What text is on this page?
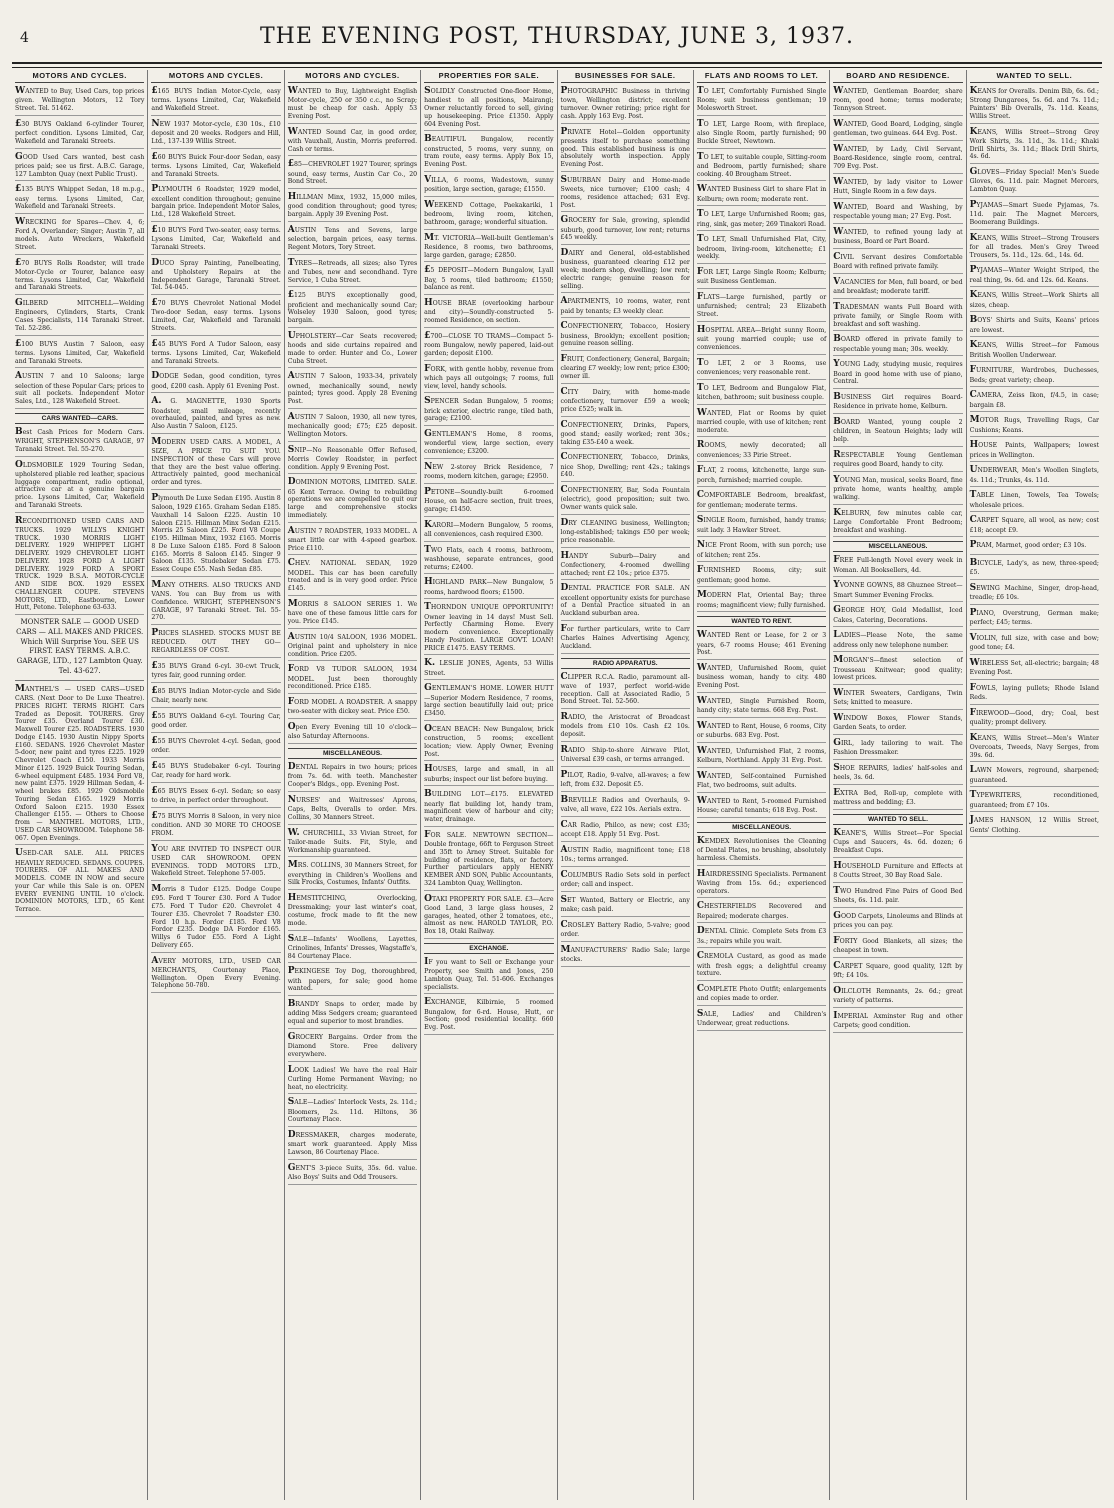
4	THE EVENING POST, THURSDAY, JUNE 3, 1937.
MOTORS AND CYCLES.

WANTED to Buy, Used Cars, top prices given. Wellington Motors, 12 Tory Street. Tel. 51462.

£30 BUYS Oakland 6-cylinder Tourer, perfect condition. Lysons Limited, Car, Wakefield and Taranaki Streets.

GOOD Used Cars wanted, best cash prices paid; see us first. A.B.C. Garage, 127 Lambton Quay (next Public Trust).

£135 BUYS Whippet Sedan, 18 m.p.g., easy terms. Lysons Limited, Car, Wakefield and Taranaki Streets.

WRECKING for Spares—Chev. 4, 6; Ford A, Overlander; Singer; Austin 7, all models. Auto Wreckers, Wakefield Street.

£70 BUYS Rolls Roadster, will trade Motor-Cycle or Tourer, balance easy terms. Lysons Limited, Car, Wakefield and Taranaki Streets.

GILBERD MITCHELL—Welding Engineers, Cylinders, Starts, Crank Cases Specialists, 114 Taranaki Street. Tel. 52-286.

£100 BUYS Austin 7 Saloon, easy terms. Lysons Limited, Car, Wakefield and Taranaki Streets.

AUSTIN 7 and 10 Saloons; large selection of these Popular Cars; prices to suit all pockets. Independent Motor Sales, Ltd., 128 Wakefield Street.

CARS WANTED—CARS.

Best Cash Prices for Modern Cars. WRIGHT, STEPHENSON'S GARAGE, 97 Taranaki Street. Tel. 55-270.

OLDSMOBILE 1929 Touring Sedan, upholstered pliable red leather, spacious luggage compartment, radio optional, attractive car at a genuine bargain price. Lysons Limited, Car, Wakefield and Taranaki Streets.

RECONDITIONED USED CARS AND TRUCKS. 1929 WILLYS KNIGHT TRUCK. 1930 MORRIS LIGHT DELIVERY. 1929 WHIPPET LIGHT DELIVERY. 1929 CHEVROLET LIGHT DELIVERY. 1928 FORD A LIGHT DELIVERY. 1929 FORD A SPORT TRUCK. 1929 B.S.A. MOTOR-CYCLE AND SIDE BOX. 1929 ESSEX CHALLENGER COUPE. STEVENS MOTORS, LTD., Eastbourne, Lower Hutt, Petone. Telephone 63-633.

MONSTER SALE — GOOD USED CARS — ALL MAKES AND PRICES. Which Will Surprise You. SEE US FIRST. EASY TERMS. A.B.C. GARAGE, LTD., 127 Lambton Quay. Tel. 43-627.

MANTHEL'S — USED CARS—USED CARS. (Next Door to De Luxe Theatre). PRICES RIGHT. TERMS RIGHT. Cars Traded as Deposit. TOURERS. Grey Tourer £35. Overland Tourer £30. Maxwell Tourer £25. ROADSTERS. 1930 Dodge £145. 1930 Austin Nippy Sports £160. SEDANS. 1926 Chevrolet Master 5-door, new paint and tyres £225. 1929 Chevrolet Coach £150. 1933 Morris Minor £125. 1929 Buick Touring Sedan, 6-wheel equipment £485. 1934 Ford V8, new paint £375. 1929 Hillman Sedan, 4-wheel brakes £85. 1929 Oldsmobile Touring Sedan £165. 1929 Morris Oxford Saloon £215. 1930 Essex Challenger £155. — Others to Choose from — MANTHEL MOTORS, LTD., USED CAR SHOWROOM. Telephone 58-067. Open Evenings.

USED-CAR SALE. ALL PRICES HEAVILY REDUCED. SEDANS. COUPES. TOURERS. OF ALL MAKES AND MODELS. COME IN NOW and secure your Car while this Sale is on. OPEN EVERY EVENING UNTIL 10 o'clock. DOMINION MOTORS, LTD., 65 Kent Terrace.

MOTORS AND CYCLES.

£165 BUYS Indian Motor-Cycle, easy terms. Lysons Limited, Car, Wakefield and Wakefield Street.

NEW 1937 Motor-cycle, £30 10s., £10 deposit and 20 weeks. Rodgers and Hill, Ltd., 137-139 Willis Street.

£60 BUYS Buick Four-door Sedan, easy terms. Lysons Limited, Car, Wakefield and Taranaki Streets.

PLYMOUTH 6 Roadster, 1929 model, excellent condition throughout; genuine bargain price. Independent Motor Sales, Ltd., 128 Wakefield Street.

£10 BUYS Ford Two-seater, easy terms. Lysons Limited, Car, Wakefield and Taranaki Streets.

DUCO Spray Painting, Panelbeating, and Upholstery Repairs at the Independent Garage, Taranaki Street. Tel. 54-045.

£70 BUYS Chevrolet National Model Two-door Sedan, easy terms. Lysons Limited, Car, Wakefield and Taranaki Streets.

£45 BUYS Ford A Tudor Saloon, easy terms. Lysons Limited, Car, Wakefield and Taranaki Streets.

DODGE Sedan, good condition, tyres good, £200 cash. Apply 61 Evening Post.

A. G. MAGNETTE, 1930 Sports Roadster, small mileage, recently overhauled, painted, and tyres as new. Also Austin 7 Saloon, £125.

MODERN USED CARS. A MODEL, A SIZE, A PRICE TO SUIT YOU. INSPECTION of these Cars will prove that they are the best value offering. Attractively painted, good mechanical order and tyres.

Plymouth De Luxe Sedan £195. Austin 8 Saloon, 1929 £165. Graham Sedan £185. Vauxhall 14 Saloon £225. Austin 10 Saloon £215. Hillman Minx Sedan £215. Morris 25 Saloon £225. Ford V8 Coupe £195. Hillman Minx, 1932 £165. Morris 8 De Luxe Saloon £185. Ford 8 Saloon £165. Morris 8 Saloon £145. Singer 9 Saloon £135. Studebaker Sedan £75. Essex Coupe £55. Nash Sedan £85.

MANY OTHERS. ALSO TRUCKS AND VANS. You can Buy from us with Confidence. WRIGHT, STEPHENSON'S GARAGE, 97 Taranaki Street. Tel. 55-270.

PRICES SLASHED. STOCKS MUST BE REDUCED. OUT THEY GO—REGARDLESS OF COST.

£35 BUYS Grand 6-cyl. 30-cwt Truck, tyres fair, good running order.

£85 BUYS Indian Motor-cycle and Side Chair, nearly new.

£55 BUYS Oakland 6-cyl. Touring Car, good order.

£55 BUYS Chevrolet 4-cyl. Sedan, good order.

£45 BUYS Studebaker 6-cyl. Touring Car, ready for hard work.

£65 BUYS Essex 6-cyl. Sedan; so easy to drive, in perfect order throughout.

£75 BUYS Morris 8 Saloon, in very nice condition. AND 30 MORE TO CHOOSE FROM.

YOU ARE INVITED TO INSPECT OUR USED CAR SHOWROOM. OPEN EVENINGS. TODD MOTORS LTD., Wakefield Street. Telephone 57-005.

Morris 8 Tudor £125. Dodge Coupe £95. Ford T Tourer £30. Ford A Tudor £75. Ford T Tudor £20. Chevrolet 4 Tourer £35. Chevrolet 7 Roadster £30. Ford 10 h.p. Fordor £185. Ford V8 Fordor £235. Dodge DA Fordor £165. Willys 6 Tudor £55. Ford A Light Delivery £65.

AVERY MOTORS, LTD., USED CAR MERCHANTS, Courtenay Place, Wellington. Open Every Evening. Telephone 50-780.

MOTORS AND CYCLES.

WANTED to Buy, Lightweight English Motor-cycle, 250 or 350 c.c., no Scrap; must be cheap for cash. Apply 53 Evening Post.

WANTED Sound Car, in good order, with Vauxhall, Austin, Morris preferred. Cash or terms.

£85—CHEVROLET 1927 Tourer, springs sound, easy terms, Austin Car Co., 20 Bond Street.

HILLMAN Minx, 1932, 15,000 miles, good condition throughout; good tyres; bargain. Apply 39 Evening Post.

AUSTIN Tens and Sevens, large selection, bargain prices, easy terms. Regent Motors, Tory Street.

TYRES—Retreads, all sizes; also Tyres and Tubes, new and secondhand. Tyre Service, 1 Cuba Street.

£125 BUYS exceptionally good, proficient and mechanically sound Car; Wolseley 1930 Saloon, good tyres; bargain.

UPHOLSTERY—Car Seats recovered; hoods and side curtains repaired and made to order. Hunter and Co., Lower Cuba Street.

AUSTIN 7 Saloon, 1933-34, privately owned, mechanically sound, newly painted; tyres good. Apply 28 Evening Post.

AUSTIN 7 Saloon, 1930, all new tyres, mechanically good; £75; £25 deposit. Wellington Motors.

SNIP—No Reasonable Offer Refused, Morris Cowley Roadster, in perfect condition. Apply 9 Evening Post.

DOMINION MOTORS, LIMITED. SALE. 65 Kent Terrace. Owing to rebuilding operations we are compelled to quit our large and comprehensive stocks immediately.

AUSTIN 7 ROADSTER, 1933 MODEL. A smart little car with 4-speed gearbox. Price £110.

CHEV. NATIONAL SEDAN, 1929 MODEL. This car has been carefully treated and is in very good order. Price £145.

MORRIS 8 SALOON SERIES 1. We have one of these famous little cars for you. Price £145.

AUSTIN 10/4 SALOON, 1936 MODEL. Original paint and upholstery in nice condition. Price £205.

FORD V8 TUDOR SALOON, 1934 MODEL. Just been thoroughly reconditioned. Price £185.

FORD MODEL A ROADSTER. A snappy two-seater with dickey seat. Price £50.

Open Every Evening till 10 o'clock—also Saturday Afternoons.

MISCELLANEOUS.

DENTAL Repairs in two hours; prices from 7s. 6d. with teeth. Manchester Cooper's Bldgs., opp. Evening Post.

NURSES' and Waitresses' Aprons, Caps, Belts, Overalls to order. Mrs. Collins, 30 Manners Street.

W. CHURCHILL, 33 Vivian Street, for Tailor-made Suits. Fit, Style, and Workmanship guaranteed.

MRS. COLLINS, 30 Manners Street, for everything in Children's Woollens and Silk Frocks, Costumes, Infants' Outfits.

HEMSTITCHING, Overlocking, Dressmaking; your last winter's coat, costume, frock made to fit the new mode.

SALE—Infants' Woollens, Layettes, Crinolines, Infants' Dresses, Wagstaffe's, 84 Courtenay Place.

PEKINGESE Toy Dog, thoroughbred, with papers, for sale; good home wanted.

BRANDY Snaps to order, made by adding Miss Sedgers cream; guaranteed equal and superior to most brandies.

GROCERY Bargains. Order from the Diamond Store. Free delivery everywhere.

LOOK Ladies! We have the real Hair Curling Home Permanent Waving; no heat, no electricity.

SALE—Ladies' Interlock Vests, 2s. 11d.; Bloomers, 2s. 11d. Hiltons, 36 Courtenay Place.

DRESSMAKER, charges moderate, smart work guaranteed. Apply Miss Lawson, 86 Courtenay Place.

GENT'S 3-piece Suits, 35s. 6d. value. Also Boys' Suits and Odd Trousers.

PROPERTIES FOR SALE.

SOLIDLY Constructed One-floor Home, handiest to all positions, Mairangi; Owner reluctantly forced to sell, giving up housekeeping. Price £1350. Apply 604 Evening Post.

BEAUTIFUL Bungalow, recently constructed, 5 rooms, very sunny, on tram route, easy terms. Apply Box 15, Evening Post.

VILLA, 6 rooms, Wadestown, sunny position, large section, garage; £1550.

WEEKEND Cottage, Paekakariki, 1 bedroom, living room, kitchen, bathroom, garage; wonderful situation.

MT. VICTORIA—Well-built Gentleman's Residence, 8 rooms, two bathrooms, large garden, garage; £2850.

£5 DEPOSIT—Modern Bungalow, Lyall Bay, 5 rooms, tiled bathroom; £1550; balance as rent.

HOUSE BRAE (overlooking harbour and city)—Soundly-constructed 5-roomed Residence, on section.

£700—CLOSE TO TRAMS—Compact 5-room Bungalow, newly papered, laid-out garden; deposit £100.

FORK, with gentle hobby, revenue from which pays all outgoings; 7 rooms, full view, level, handy schools.

SPENCER Sedan Bungalow, 5 rooms; brick exterior, electric range, tiled bath, garage; £2100.

GENTLEMAN'S Home, 8 rooms, wonderful view, large section, every convenience; £3200.

NEW 2-storey Brick Residence, 7 rooms, modern kitchen, garage; £2950.

PETONE—Soundly-built 6-roomed House, on half-acre section, fruit trees, garage; £1450.

KARORI—Modern Bungalow, 5 rooms, all conveniences, cash required £300.

TWO Flats, each 4 rooms, bathroom, washhouse, separate entrances, good returns; £2400.

HIGHLAND PARK—New Bungalow, 5 rooms, hardwood floors; £1500.

THORNDON UNIQUE OPPORTUNITY! Owner leaving in 14 days! Must Sell. Perfectly Charming Home. Every modern convenience. Exceptionally Handy Position. LARGE GOVT. LOAN! PRICE £1475. EASY TERMS.

K. LESLIE JONES, Agents, 53 Willis Street.

GENTLEMAN'S HOME. LOWER HUTT—Superior Modern Residence, 7 rooms, large section beautifully laid out; price £3450.

OCEAN BEACH: New Bungalow, brick construction, 5 rooms; excellent location; view. Apply Owner, Evening Post.

HOUSES, large and small, in all suburbs; inspect our list before buying.

BUILDING LOT—£175. ELEVATED nearly flat building lot, handy tram, magnificent view of harbour and city; water, drainage.

FOR SALE. NEWTOWN SECTION—Double frontage, 66ft to Ferguson Street and 35ft to Arney Street. Suitable for building of residence, flats, or factory. Further particulars apply HENRY KEMBER AND SON, Public Accountants, 324 Lambton Quay, Wellington.

OTAKI PROPERTY FOR SALE. £3—Acre Good Land, 3 large glass houses, 2 garages, heated, other 2 tomatoes, etc., almost as new. HAROLD TAYLOR, P.O. Box 18, Otaki Railway.

EXCHANGE.

IF you want to Sell or Exchange your Property, see Smith and Jones, 250 Lambton Quay, Tel. 51-606. Exchanges specialists.

EXCHANGE, Kilbirnie, 5 roomed Bungalow, for 6-rd. House, Hutt, or Section; good residential locality. 660 Evg. Post.

BUSINESSES FOR SALE.

PHOTOGRAPHIC Business in thriving town, Wellington district; excellent turnover. Owner retiring; price right for cash. Apply 163 Evg. Post.

PRIVATE Hotel—Golden opportunity presents itself to purchase something good. This established business is one absolutely worth inspection. Apply Evening Post.

SUBURBAN Dairy and Home-made Sweets, nice turnover; £100 cash; 4 rooms, residence attached; 631 Evg. Post.

GROCERY for Sale, growing, splendid suburb, good turnover, low rent; returns £45 weekly.

DAIRY and General, old-established business, guaranteed clearing £12 per week; modern shop, dwelling; low rent; electric range; genuine reason for selling.

APARTMENTS, 10 rooms, water, rent paid by tenants; £3 weekly clear.

CONFECTIONERY, Tobacco, Hosiery business, Brooklyn; excellent position; genuine reason selling.

FRUIT, Confectionery, General, Bargain; clearing £7 weekly; low rent; price £300; owner ill.

CITY Dairy, with home-made confectionery, turnover £59 a week; price £525; walk in.

CONFECTIONERY, Drinks, Papers, good stand; easily worked; rent 30s.; taking £35-£40 a week.

CONFECTIONERY, Tobacco, Drinks, nice Shop, Dwelling; rent 42s.; takings £40.

CONFECTIONERY, Bar, Soda Fountain (electric), good proposition; suit two. Owner wants quick sale.

DRY CLEANING business, Wellington; long-established; takings £50 per week; price reasonable.

HANDY Suburb—Dairy and Confectionery, 4-roomed dwelling attached; rent £2 10s.; price £375.

DENTAL PRACTICE FOR SALE. AN excellent opportunity exists for purchase of a Dental Practice situated in an Auckland suburban area.

For further particulars, write to Carr Charles Haines Advertising Agency, Auckland.

RADIO APPARATUS.

CLIPPER R.C.A. Radio, paramount all-wave of 1937, perfect world-wide reception. Call at Associated Radio, 5 Bond Street. Tel. 52-560.

RADIO, the Aristocrat of Broadcast models from £10 10s. Cash £2 10s. deposit.

RADIO Ship-to-shore Airwave Pilot, Universal £39 cash, or terms arranged.

PILOT, Radio, 9-valve, all-waves; a few left, from £32. Deposit £5.

BREVILLE Radios and Overhauls, 9-valve, all wave, £22 10s. Aerials extra.

CAR Radio, Philco, as new; cost £35; accept £18. Apply 51 Evg. Post.

AUSTIN Radio, magnificent tone; £18 10s.; terms arranged.

COLUMBUS Radio Sets sold in perfect order; call and inspect.

SET Wanted, Battery or Electric, any make; cash paid.

CROSLEY Battery Radio, 5-valve; good order.

MANUFACTURERS' Radio Sale; large stocks.

FLATS AND ROOMS TO LET.

TO LET, Comfortably Furnished Single Room; suit business gentleman; 19 Molesworth Street.

TO LET, Large Room, with fireplace, also Single Room, partly furnished; 90 Buckle Street, Newtown.

TO LET, to suitable couple, Sitting-room and Bedroom, partly furnished; share cooking. 40 Brougham Street.

WANTED Business Girl to share Flat in Kelburn; own room; moderate rent.

TO LET, Large Unfurnished Room; gas, ring, sink, gas meter; 269 Tinakori Road.

TO LET, Small Unfurnished Flat, City, bedroom, living-room, kitchenette; £1 weekly.

FOR LET, Large Single Room; Kelburn; suit Business Gentleman.

FLATS—Large furnished, partly or unfurnished; central; 23 Elizabeth Street.

HOSPITAL AREA—Bright sunny Room, suit young married couple; use of conveniences.

TO LET, 2 or 3 Rooms, use conveniences; very reasonable rent.

TO LET, Bedroom and Bungalow Flat, kitchen, bathroom; suit business couple.

WANTED, Flat or Rooms by quiet married couple, with use of kitchen; rent moderate.

ROOMS, newly decorated; all conveniences; 33 Pirie Street.

FLAT, 2 rooms, kitchenette, large sun-porch, furnished; married couple.

COMFORTABLE Bedroom, breakfast, for gentleman; moderate terms.

SINGLE Room, furnished, handy trams; suit lady. 3 Hawker Street.

NICE Front Room, with sun porch; use of kitchen; rent 25s.

FURNISHED Rooms, city; suit gentleman; good home.

MODERN Flat, Oriental Bay; three rooms; magnificent view; fully furnished.

WANTED TO RENT.

WANTED Rent or Lease, for 2 or 3 years, 6-7 rooms House; 461 Evening Post.

WANTED, Unfurnished Room, quiet business woman, handy to city. 480 Evening Post.

WANTED, Single Furnished Room, handy city; state terms. 668 Evg. Post.

WANTED to Rent, House, 6 rooms, City or suburbs. 683 Evg. Post.

WANTED, Unfurnished Flat, 2 rooms, Kelburn, Northland. Apply 31 Evg. Post.

WANTED, Self-contained Furnished Flat, two bedrooms, suit adults.

WANTED to Rent, 5-roomed Furnished House; careful tenants; 618 Evg. Post.

MISCELLANEOUS.

KEMDEX Revolutionises the Cleaning of Dental Plates, no brushing, absolutely harmless. Chemists.

HAIRDRESSING Specialists. Permanent Waving from 15s. 6d.; experienced operators.

CHESTERFIELDS Recovered and Repaired; moderate charges.

DENTAL Clinic. Complete Sets from £3 3s.; repairs while you wait.

CREMOLA Custard, as good as made with fresh eggs; a delightful creamy texture.

COMPLETE Photo Outfit; enlargements and copies made to order.

SALE, Ladies' and Children's Underwear, great reductions.

BOARD AND RESIDENCE.

WANTED, Gentleman Boarder, share room, good home; terms moderate; Tennyson Street.

WANTED, Good Board, Lodging, single gentleman, two guineas. 644 Evg. Post.

WANTED, by Lady, Civil Servant, Board-Residence, single room, central. 709 Evg. Post.

WANTED, by lady visitor to Lower Hutt, Single Room in a few days.

WANTED, Board and Washing, by respectable young man; 27 Evg. Post.

WANTED, to refined young lady at business, Board or Part Board.

CIVIL Servant desires Comfortable Board with refined private family.

VACANCIES for Men, full board, or bed and breakfast; moderate tariff.

TRADESMAN wants Full Board with private family, or Single Room with breakfast and soft washing.

BOARD offered in private family to respectable young man; 30s. weekly.

YOUNG Lady, studying music, requires Board in good home with use of piano, Central.

BUSINESS Girl requires Board-Residence in private home, Kelburn.

BOARD Wanted, young couple 2 children, in Seatoun Heights; lady will help.

RESPECTABLE Young Gentleman requires good Board, handy to city.

YOUNG Man, musical, seeks Board, fine private home, wants healthy, ample walking.

KELBURN, few minutes cable car, Large Comfortable Front Bedroom; breakfast and washing.

MISCELLANEOUS.

FREE Full-length Novel every week in Woman. All Booksellers, 4d.

YVONNE GOWNS, 88 Ghuznee Street—Smart Summer Evening Frocks.

GEORGE HOY, Gold Medallist, Iced Cakes, Catering, Decorations.

LADIES—Please Note, the same address only new telephone number.

MORGAN'S—finest selection of Trousseau Knitwear; good quality; lowest prices.

WINTER Sweaters, Cardigans, Twin Sets; knitted to measure.

WINDOW Boxes, Flower Stands, Garden Seats, to order.

GIRL, lady tailoring to wait. The Fashion Dressmaker.

SHOE REPAIRS, ladies' half-soles and heels, 3s. 6d.

EXTRA Bed, Roll-up, complete with mattress and bedding; £3.

WANTED TO SELL.

KEANE'S, Willis Street—For Special Cups and Saucers, 4s. 6d. dozen; 6 Breakfast Cups.

HOUSEHOLD Furniture and Effects at 8 Coutts Street, 30 Bay Road Sale.

TWO Hundred Fine Pairs of Good Bed Sheets, 6s. 11d. pair.

GOOD Carpets, Linoleums and Blinds at prices you can pay.

FORTY Good Blankets, all sizes; the cheapest in town.

CARPET Square, good quality, 12ft by 9ft; £4 10s.

OILCLOTH Remnants, 2s. 6d.; great variety of patterns.

IMPERIAL Axminster Rug and other Carpets; good condition.

WANTED TO SELL.

KEANS for Overalls. Denim Bib, 6s. 6d.; Strong Dungarees, 5s. 6d. and 7s. 11d.; Painters' Bib Overalls, 7s. 11d. Keans, Willis Street.

KEANS, Willis Street—Strong Grey Work Shirts, 3s. 11d., 3s. 11d.; Khaki Drill Shirts, 3s. 11d.; Black Drill Shirts, 4s. 6d.

GLOVES—Friday Special! Men's Suede Gloves, 6s. 11d. pair. Magnet Mercers, Lambton Quay.

PYJAMAS—Smart Suede Pyjamas, 7s. 11d. pair. The Magnet Mercers, Boomerang Buildings.

KEANS, Willis Street—Strong Trousers for all trades. Men's Grey Tweed Trousers, 5s. 11d., 12s. 6d., 14s. 6d.

PYJAMAS—Winter Weight Striped, the real thing, 9s. 6d. and 12s. 6d. Keans.

KEANS, Willis Street—Work Shirts all sizes, cheap.

BOYS' Shirts and Suits, Keans' prices are lowest.

KEANS, Willis Street—for Famous British Woollen Underwear.

FURNITURE, Wardrobes, Duchesses, Beds; great variety; cheap.

CAMERA, Zeiss Ikon, f/4.5, in case; bargain £8.

MOTOR Rugs, Travelling Rugs, Car Cushions; Keans.

HOUSE Paints, Wallpapers; lowest prices in Wellington.

UNDERWEAR, Men's Woollen Singlets, 4s. 11d.; Trunks, 4s. 11d.

TABLE Linen, Towels, Tea Towels; wholesale prices.

CARPET Square, all wool, as new; cost £18; accept £9.

PRAM, Marmet, good order; £3 10s.

BICYCLE, Lady's, as new, three-speed; £5.

SEWING Machine, Singer, drop-head, treadle; £6 10s.

PIANO, Overstrung, German make; perfect; £45; terms.

VIOLIN, full size, with case and bow; good tone; £4.

WIRELESS Set, all-electric; bargain; 48 Evening Post.

FOWLS, laying pullets; Rhode Island Reds.

FIREWOOD—Good, dry; Coal, best quality; prompt delivery.

KEANS, Willis Street—Men's Winter Overcoats, Tweeds, Navy Serges, from 39s. 6d.

LAWN Mowers, reground, sharpened; guaranteed.

TYPEWRITERS, reconditioned, guaranteed; from £7 10s.

JAMES HANSON, 12 Willis Street, Gents' Clothing.
